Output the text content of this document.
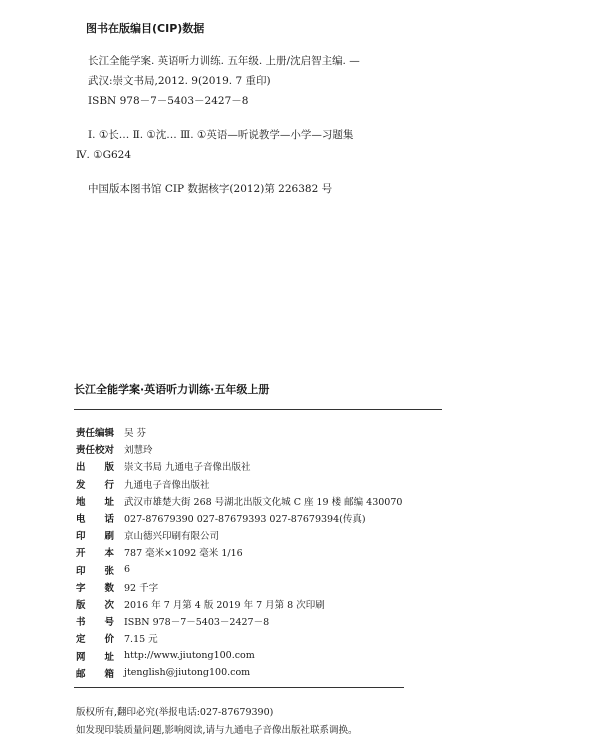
图书在版编目(CIP)数据
长江全能学案. 英语听力训练. 五年级. 上册/沈启智主编. —
武汉:崇文书局,2012. 9(2019. 7 重印)
ISBN 978－7－5403－2427－8
Ⅰ. ①长… Ⅱ. ①沈… Ⅲ. ①英语—听说教学—小学—习题集
Ⅳ. ①G624
中国版本图书馆 CIP 数据核字(2012)第 226382 号
长江全能学案·英语听力训练·五年级上册
责任编辑 吴 芬
责任校对 刘慧玲
出 版 崇文书局 九通电子音像出版社
发 行 九通电子音像出版社
地 址 武汉市雄楚大街 268 号湖北出版文化城 C 座 19 楼 邮编 430070
电 话 027-87679390 027-87679393 027-87679394(传真)
印 刷 京山德兴印刷有限公司
开 本 787 毫米×1092 毫米 1/16
印 张 6
字 数 92 千字
版 次 2016 年 7 月第 4 版 2019 年 7 月第 8 次印刷
书 号 ISBN 978－7－5403－2427－8
定 价 7.15 元
网 址 http://www.jiutong100.com
邮 箱 jtenglish@jiutong100.com
版权所有,翻印必究(举报电话:027-87679390)
如发现印装质量问题,影响阅读,请与九通电子音像出版社联系调换。
